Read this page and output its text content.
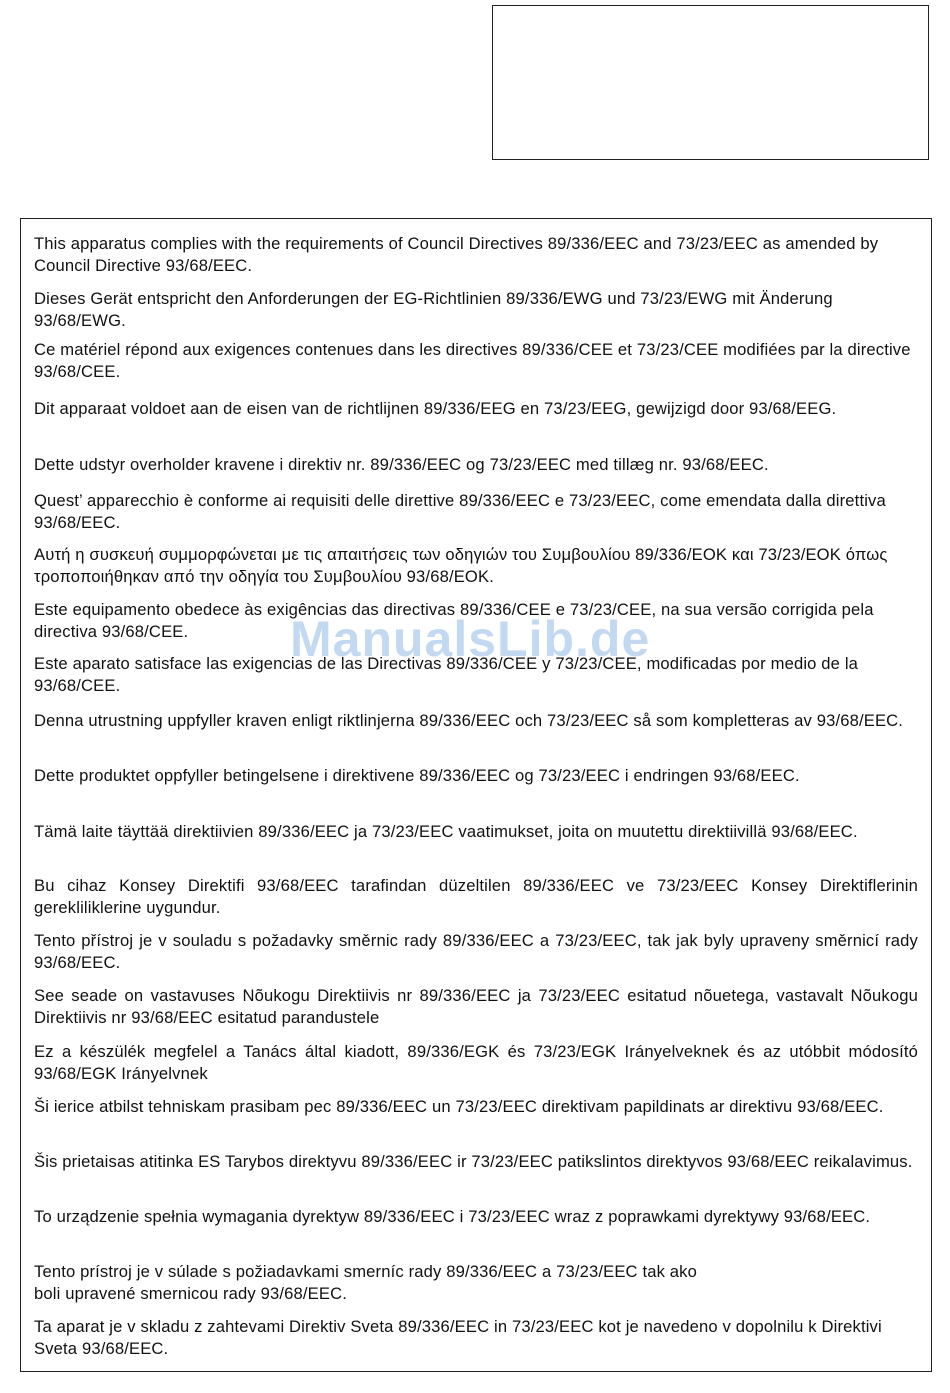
This apparatus complies with the requirements of Council Directives 89/336/EEC and 73/23/EEC as amended by Council Directive 93/68/EEC.

Dieses Gerät entspricht den Anforderungen der EG-Richtlinien 89/336/EWG und 73/23/EWG mit Änderung 93/68/EWG.

Ce matériel répond aux exigences contenues dans les directives 89/336/CEE et 73/23/CEE modifiées par la directive 93/68/CEE.

Dit apparaat voldoet aan de eisen van de richtlijnen 89/336/EEG en 73/23/EEG, gewijzigd door 93/68/EEG.

Dette udstyr overholder kravene i direktiv nr. 89/336/EEC og 73/23/EEC med tillæg nr. 93/68/EEC.

Quest’ apparecchio è conforme ai requisiti delle direttive 89/336/EEC e 73/23/EEC, come emendata dalla direttiva 93/68/EEC.

Αυτή η συσκευή συμμορφώνεται με τις απαιτήσεις των οδηγιών του Συμβουλίου 89/336/ΕΟΚ και 73/23/ΕΟΚ όπως τροποποιήθηκαν από την οδηγία του Συμβουλίου 93/68/ΕΟΚ.

Este equipamento obedece às exigências das directivas 89/336/CEE e 73/23/CEE, na sua versão corrigida pela directiva 93/68/CEE.

Este aparato satisface las exigencias de las Directivas 89/336/CEE y 73/23/CEE, modificadas por medio de la 93/68/CEE.

Denna utrustning uppfyller kraven enligt riktlinjerna 89/336/EEC och 73/23/EEC så som kompletteras av 93/68/EEC.

Dette produktet oppfyller betingelsene i direktivene 89/336/EEC og 73/23/EEC i endringen 93/68/EEC.

Tämä laite täyttää direktiivien 89/336/EEC ja 73/23/EEC vaatimukset, joita on muutettu direktiivillä 93/68/EEC.

Bu cihaz Konsey Direktifi 93/68/EEC tarafindan düzeltilen 89/336/EEC ve 73/23/EEC Konsey Direktiflerinin gerekliliklerine uygundur.

Tento přístroj je v souladu s požadavky směrnic rady 89/336/EEC a 73/23/EEC, tak jak byly upraveny směrnicí rady 93/68/EEC.

See seade on vastavuses Nõukogu Direktiivis nr 89/336/EEC ja 73/23/EEC esitatud nõuetega, vastavalt Nõukogu Direktiivis nr 93/68/EEC esitatud parandustele

Ez a készülék megfelel a Tanács által kiadott, 89/336/EGK és 73/23/EGK Irányelveknek és az utóbbit módosító 93/68/EGK Irányelvnek

Ši ierice atbilst tehniskam prasibam pec 89/336/EEC un 73/23/EEC direktivam papildinats ar direktivu 93/68/EEC.

Šis prietaisas atitinka ES Tarybos direktyvu 89/336/EEC ir 73/23/EEC patikslintos direktyvos 93/68/EEC reikalavimus.

To urządzenie spełnia wymagania dyrektyw 89/336/EEC i 73/23/EEC wraz z poprawkami dyrektywy 93/68/EEC.

Tento prístroj je v súlade s požiadavkami smerníc rady 89/336/EEC a 73/23/EEC tak ako boli upravené smernicou rady 93/68/EEC.

Ta aparat je v skladu z zahtevami Direktiv Sveta 89/336/EEC in 73/23/EEC kot je navedeno v dopolnilu k Direktivi Sveta 93/68/EEC.

ManualsLib.de
